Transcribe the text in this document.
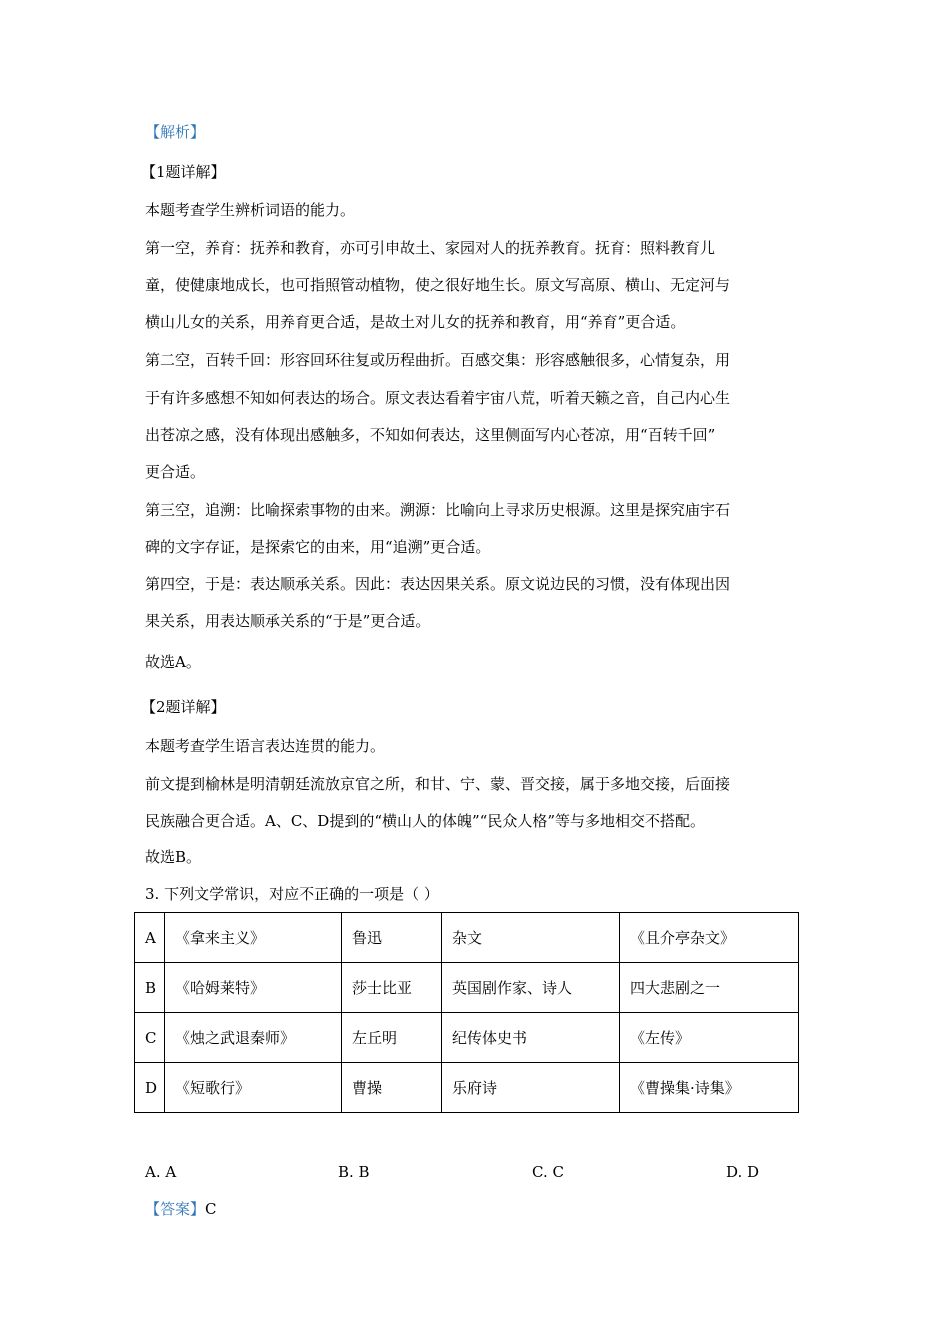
【解析】
【1题详解】
本题考查学生辨析词语的能力。
第一空，养育：抚养和教育，亦可引申故土、家园对人的抚养教育。抚育：照料教育儿
童，使健康地成长，也可指照管动植物，使之很好地生长。原文写高原、横山、无定河与
横山儿女的关系，用养育更合适，是故土对儿女的抚养和教育，用“养育”更合适。
第二空，百转千回：形容回环往复或历程曲折。百感交集：形容感触很多，心情复杂，用
于有许多感想不知如何表达的场合。原文表达看着宇宙八荒，听着天籁之音，自己内心生
出苍凉之感，没有体现出感触多，不知如何表达，这里侧面写内心苍凉，用“百转千回”
更合适。
第三空，追溯：比喻探索事物的由来。溯源：比喻向上寻求历史根源。这里是探究庙宇石
碑的文字存证，是探索它的由来，用“追溯”更合适。
第四空，于是：表达顺承关系。因此：表达因果关系。原文说边民的习惯，没有体现出因
果关系，用表达顺承关系的“于是”更合适。
故选A。
【2题详解】
本题考查学生语言表达连贯的能力。
前文提到榆林是明清朝廷流放京官之所，和甘、宁、蒙、晋交接，属于多地交接，后面接
民族融合更合适。A、C、D提到的“横山人的体魄”“民众人格”等与多地相交不搭配。
故选B。
3. 下列文学常识，对应不正确的一项是（ ）
A	《拿来主义》	鲁迅	杂文	《且介亭杂文》
B	《哈姆莱特》	莎士比亚	英国剧作家、诗人	四大悲剧之一
C	《烛之武退秦师》	左丘明	纪传体史书	《左传》
D	《短歌行》	曹操	乐府诗	《曹操集·诗集》
A. A	B. B	C. C	D. D
【答案】C
